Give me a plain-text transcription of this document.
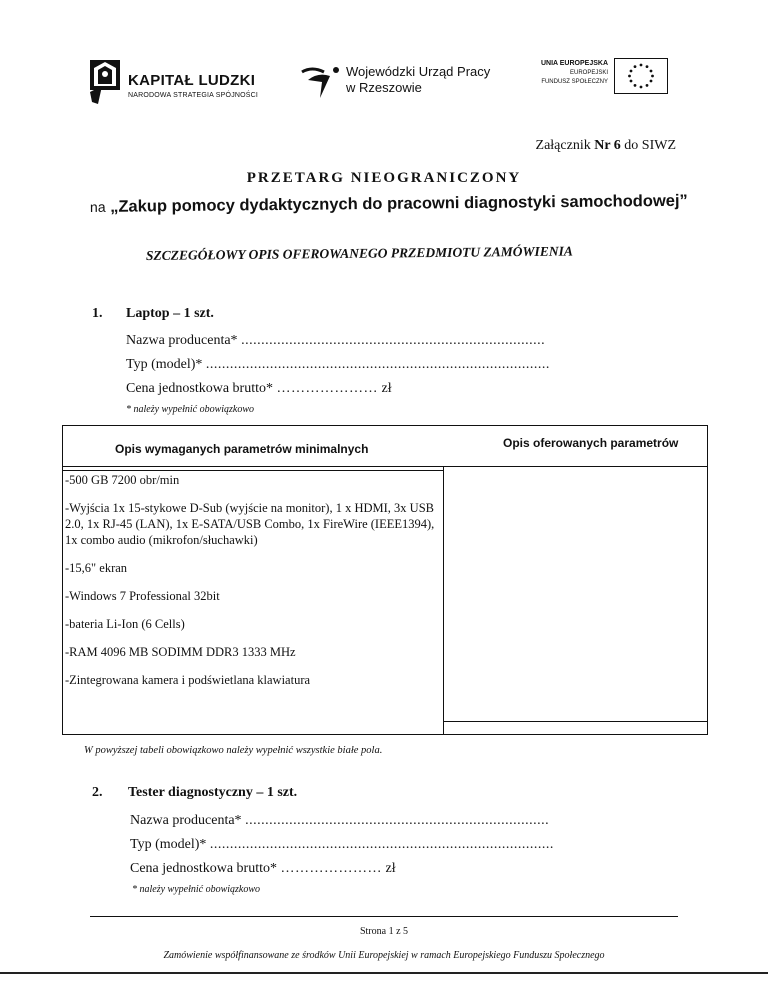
KAPITAŁ LUDZKI
NARODOWA STRATEGIA SPÓJNOŚCI
Wojewódzki Urząd Pracy
w Rzeszowie
UNIA EUROPEJSKA
EUROPEJSKI
FUNDUSZ SPOŁECZNY
Załącznik Nr 6 do SIWZ
PRZETARG NIEOGRANICZONY
na „Zakup pomocy dydaktycznych do pracowni diagnostyki samochodowej”
SZCZEGÓŁOWY OPIS OFEROWANEGO PRZEDMIOTU ZAMÓWIENIA
1. Laptop – 1 szt.
Nazwa producenta* ............................................................................
Typ (model)* ......................................................................................
Cena jednostkowa brutto* ………………… zł
* należy wypełnić obowiązkowo
Opis wymaganych parametrów minimalnych	Opis oferowanych parametrów
-500 GB 7200 obr/min
-Wyjścia 1x 15-stykowe D-Sub (wyjście na monitor), 1 x HDMI, 3x USB 2.0, 1x RJ-45 (LAN), 1x E-SATA/USB Combo, 1x FireWire (IEEE1394), 1x combo audio (mikrofon/słuchawki)
-15,6" ekran
-Windows 7 Professional 32bit
-bateria Li-Ion (6 Cells)
-RAM 4096 MB SODIMM DDR3 1333 MHz
-Zintegrowana kamera i podświetlana klawiatura
W powyższej tabeli obowiązkowo należy wypełnić wszystkie białe pola.
2. Tester diagnostyczny – 1 szt.
Nazwa producenta* ............................................................................
Typ (model)* ......................................................................................
Cena jednostkowa brutto* ………………… zł
* należy wypełnić obowiązkowo
Strona 1 z 5
Zamówienie współfinansowane ze środków Unii Europejskiej w ramach Europejskiego Funduszu Społecznego
